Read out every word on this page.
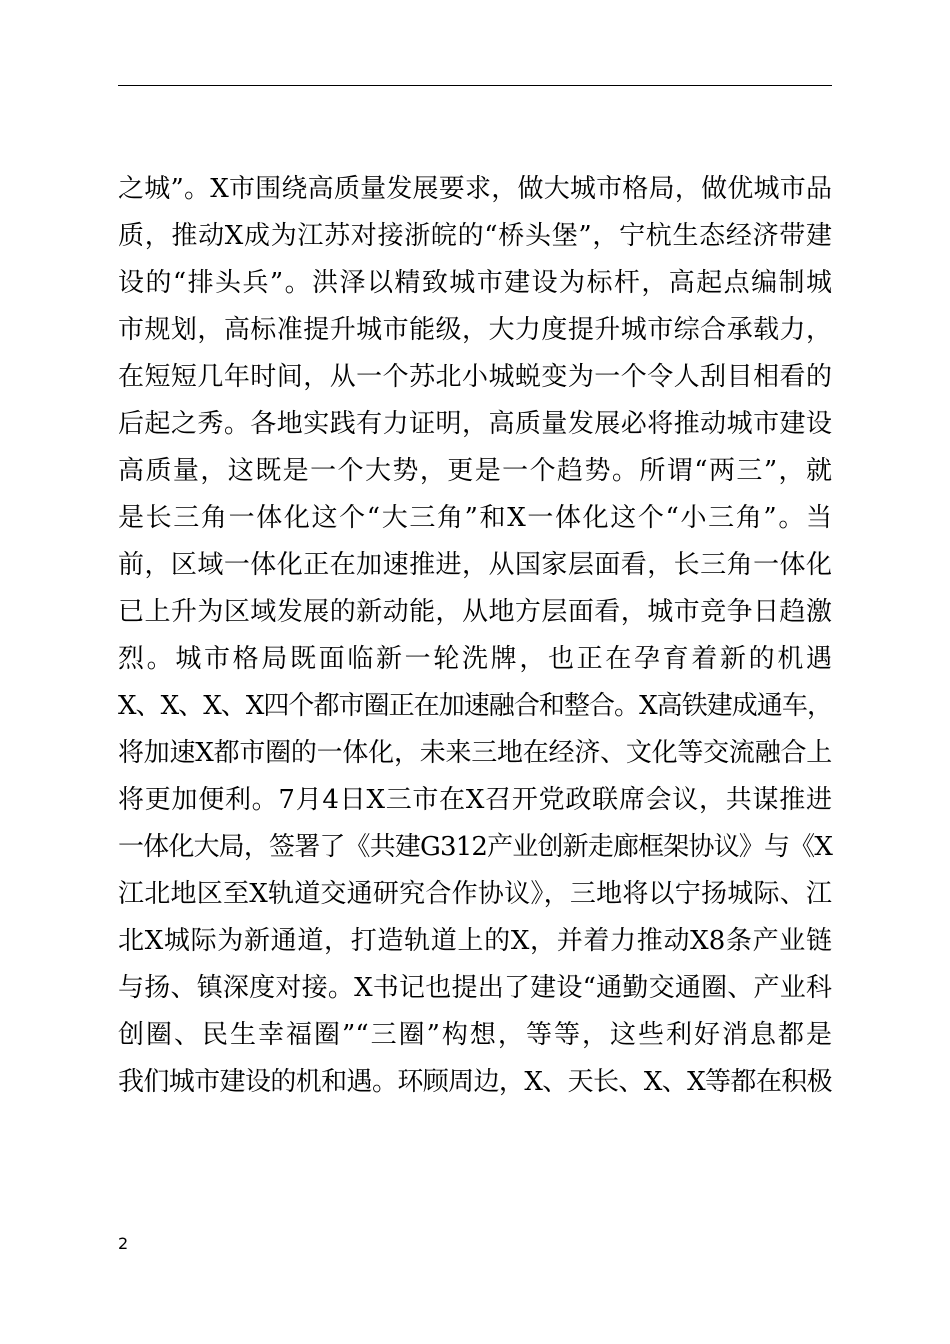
之城”。X市围绕高质量发展要求，做大城市格局，做优城市品
质，推动X成为江苏对接浙皖的“桥头堡”，宁杭生态经济带建
设的“排头兵”。洪泽以精致城市建设为标杆，高起点编制城
市规划，高标准提升城市能级，大力度提升城市综合承载力，
在短短几年时间，从一个苏北小城蜕变为一个令人刮目相看的
后起之秀。各地实践有力证明，高质量发展必将推动城市建设
高质量，这既是一个大势，更是一个趋势。所谓“两三”，就
是长三角一体化这个“大三角”和X一体化这个“小三角”。当
前，区域一体化正在加速推进，从国家层面看，长三角一体化
已上升为区域发展的新动能，从地方层面看，城市竞争日趋激
烈。城市格局既面临新一轮洗牌，也正在孕育着新的机遇
X、X、X、X四个都市圈正在加速融合和整合。X高铁建成通车，
将加速X都市圈的一体化，未来三地在经济、文化等交流融合上
将更加便利。7月4日X三市在X召开党政联席会议，共谋推进
一体化大局，签署了《共建G312产业创新走廊框架协议》与《X
江北地区至X轨道交通研究合作协议》，三地将以宁扬城际、江
北X城际为新通道，打造轨道上的X，并着力推动X8条产业链
与扬、镇深度对接。X书记也提出了建设“通勤交通圈、产业科
创圈、民生幸福圈”“三圈”构想，等等，这些利好消息都是
我们城市建设的机和遇。环顾周边，X、天长、X、X等都在积极
2
